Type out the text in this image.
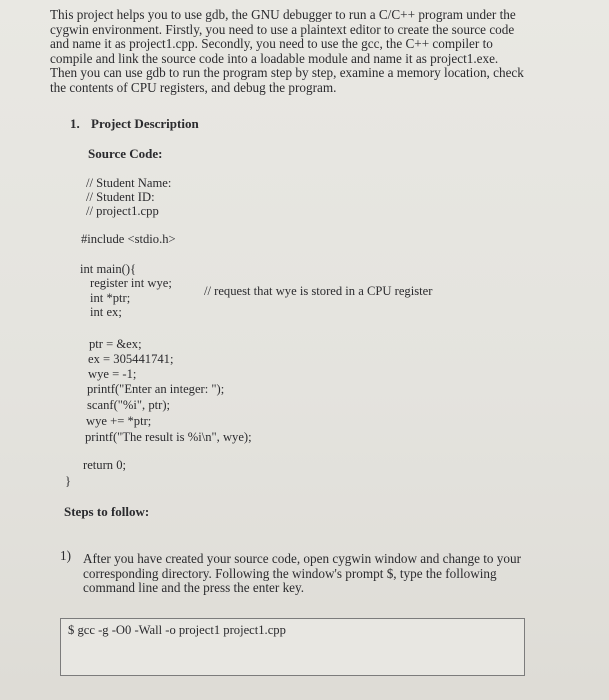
This project helps you to use gdb, the GNU debugger to run a C/C++ program under the
cygwin environment. Firstly, you need to use a plaintext editor to create the source code
and name it as project1.cpp. Secondly, you need to use the gcc, the C++ compiler to
compile and link the source code into a loadable module and name it as project1.exe.
Then you can use gdb to run the program step by step, examine a memory location, check
the contents of CPU registers, and debug the program.
1. Project Description
Source Code:
// Student Name:
// Student ID:
// project1.cpp
#include <stdio.h>
int main(){
register int wye;
// request that wye is stored in a CPU register
int *ptr;
int ex;
ptr = &ex;
ex = 305441741;
wye = -1;
printf("Enter an integer: ");
scanf("%i", ptr);
wye += *ptr;
printf("The result is %i\n", wye);
return 0;
}
Steps to follow:
1) After you have created your source code, open cygwin window and change to your
corresponding directory. Following the window's prompt $, type the following
command line and the press the enter key.
$ gcc -g -O0 -Wall -o project1 project1.cpp
